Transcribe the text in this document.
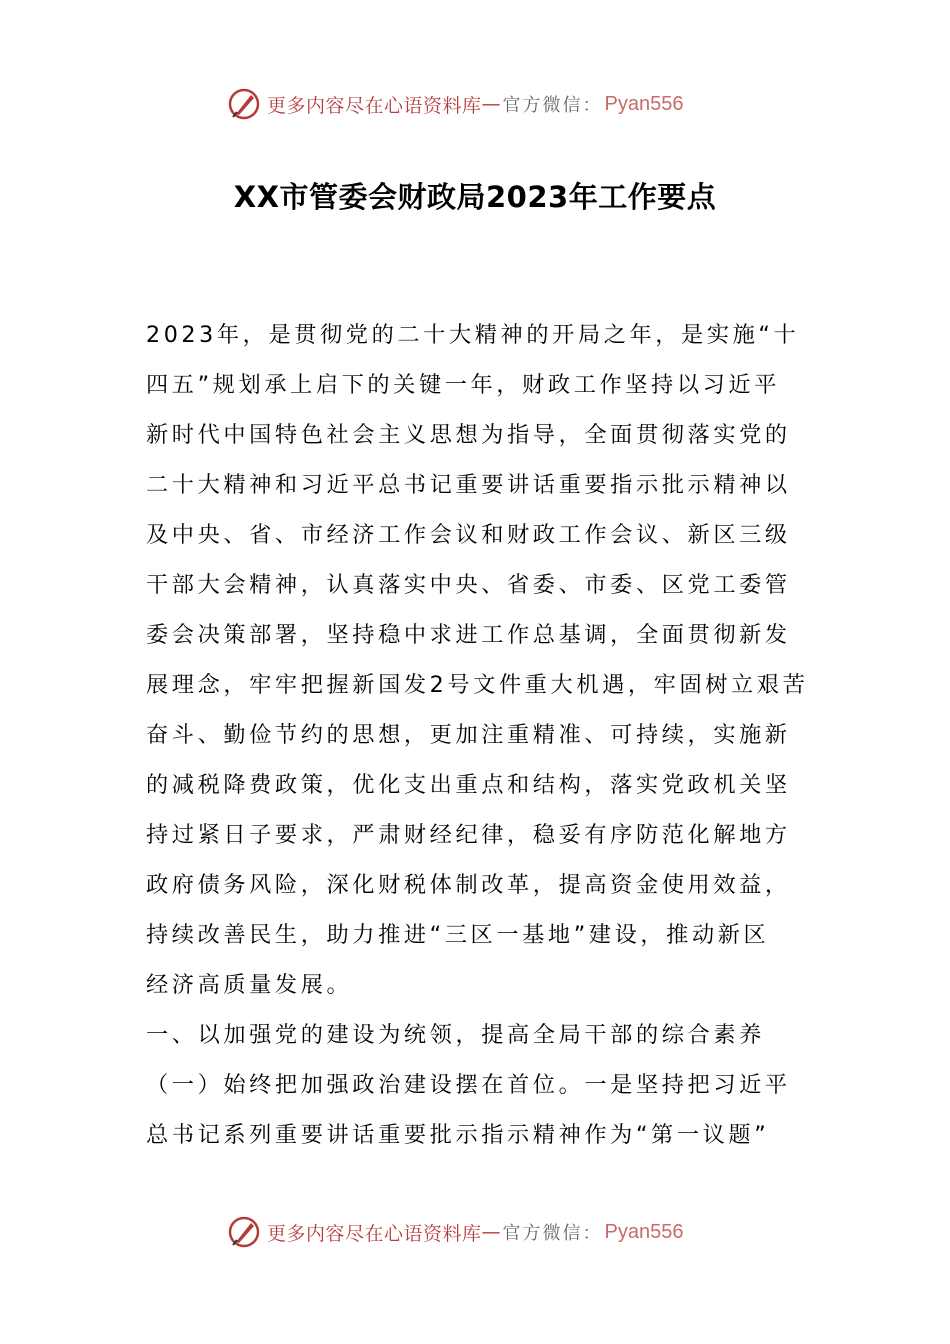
更多内容尽在心语资料库 — 官方微信： Pyan556
XX市管委会财政局2023年工作要点

2023年，是贯彻党的二十大精神的开局之年，是实施“十
四五”规划承上启下的关键一年，财政工作坚持以习近平
新时代中国特色社会主义思想为指导，全面贯彻落实党的
二十大精神和习近平总书记重要讲话重要指示批示精神以
及中央、省、市经济工作会议和财政工作会议、新区三级
干部大会精神，认真落实中央、省委、市委、区党工委管
委会决策部署，坚持稳中求进工作总基调，全面贯彻新发
展理念，牢牢把握新国发2号文件重大机遇，牢固树立艰苦
奋斗、勤俭节约的思想，更加注重精准、可持续，实施新
的减税降费政策，优化支出重点和结构，落实党政机关坚
持过紧日子要求，严肃财经纪律，稳妥有序防范化解地方
政府债务风险，深化财税体制改革，提高资金使用效益，
持续改善民生，助力推进“三区一基地”建设，推动新区
经济高质量发展。

一、以加强党的建设为统领，提高全局干部的综合素养

（一）始终把加强政治建设摆在首位。一是坚持把习近平
总书记系列重要讲话重要批示指示精神作为“第一议题”

更多内容尽在心语资料库 — 官方微信： Pyan556
